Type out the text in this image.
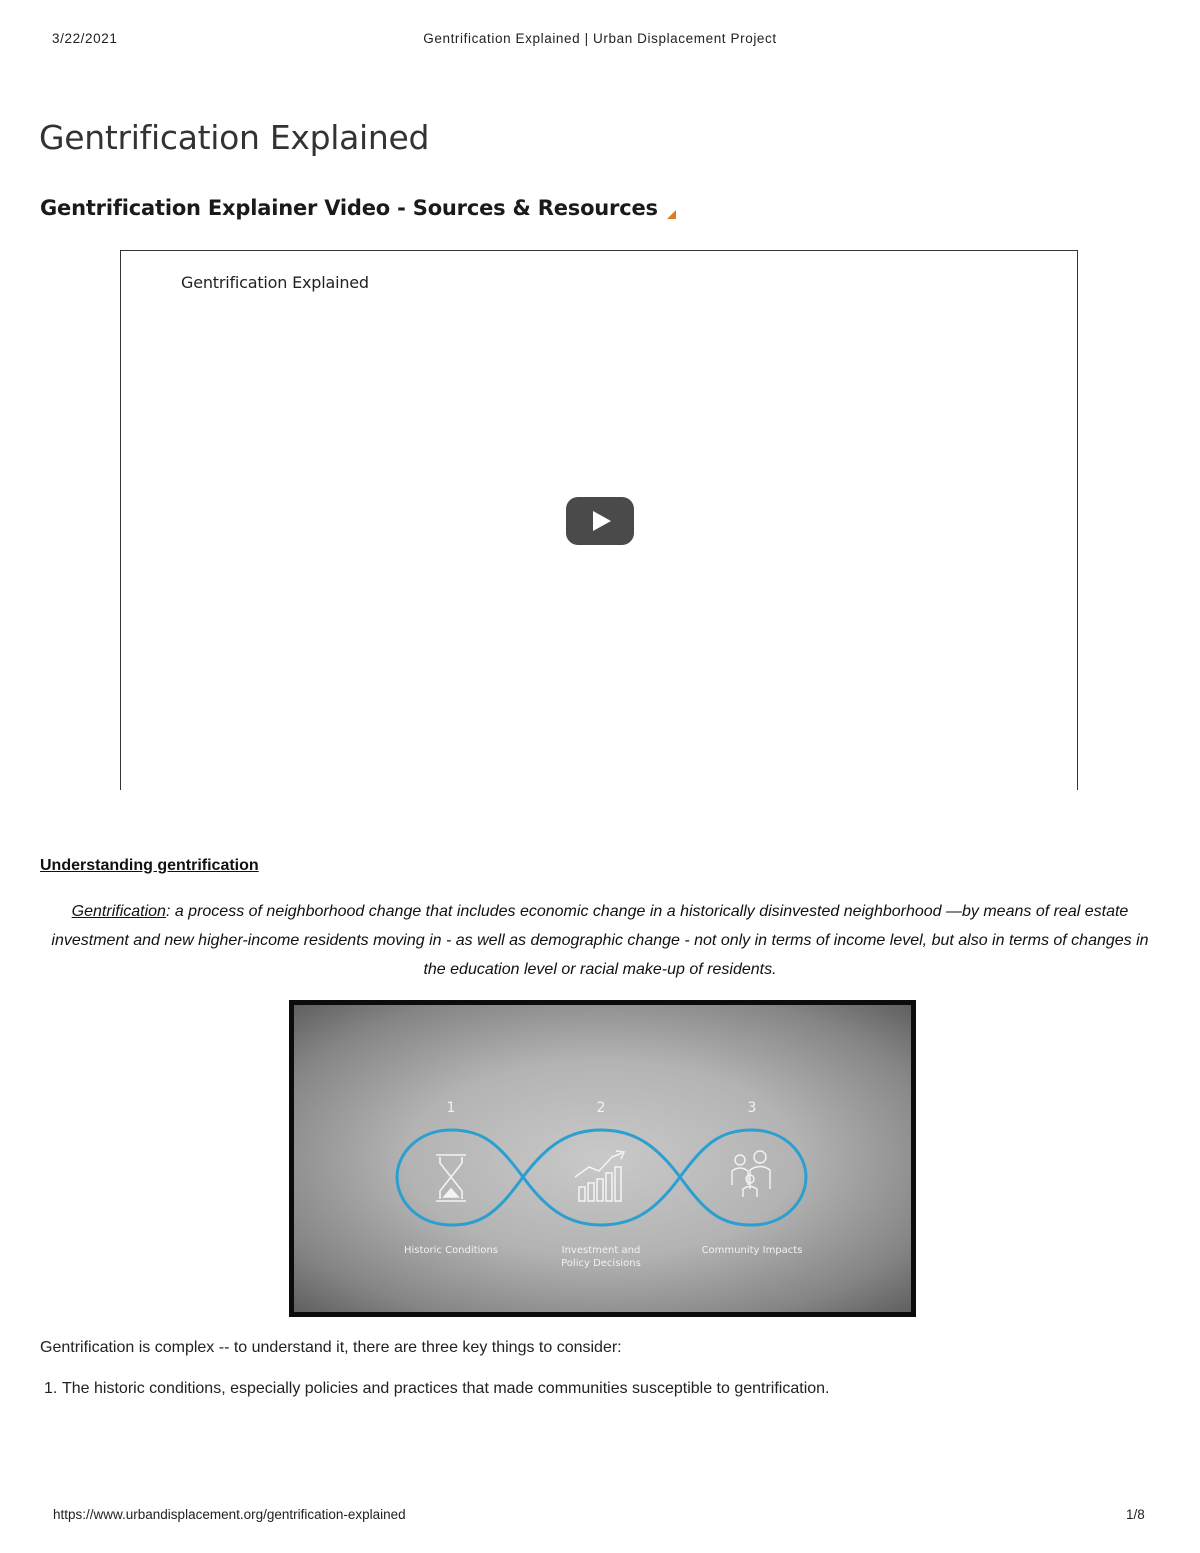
3/22/2021	Gentrification Explained | Urban Displacement Project
Gentrification Explained
Gentrification Explainer Video - Sources & Resources
Gentrification Explained
Understanding gentrification

Gentrification: a process of neighborhood change that includes economic change in a historically disinvested neighborhood —by means of real estate investment and new higher-income residents moving in - as well as demographic change - not only in terms of income level, but also in terms of changes in the education level or racial make-up of residents.

1	2	3
Historic Conditions	Investment and
Policy Decisions
Community Impacts

Gentrification is complex -- to understand it, there are three key things to consider:

1. The historic conditions, especially policies and practices that made communities susceptible to gentrification.
https://www.urbandisplacement.org/gentrification-explained	1/8
